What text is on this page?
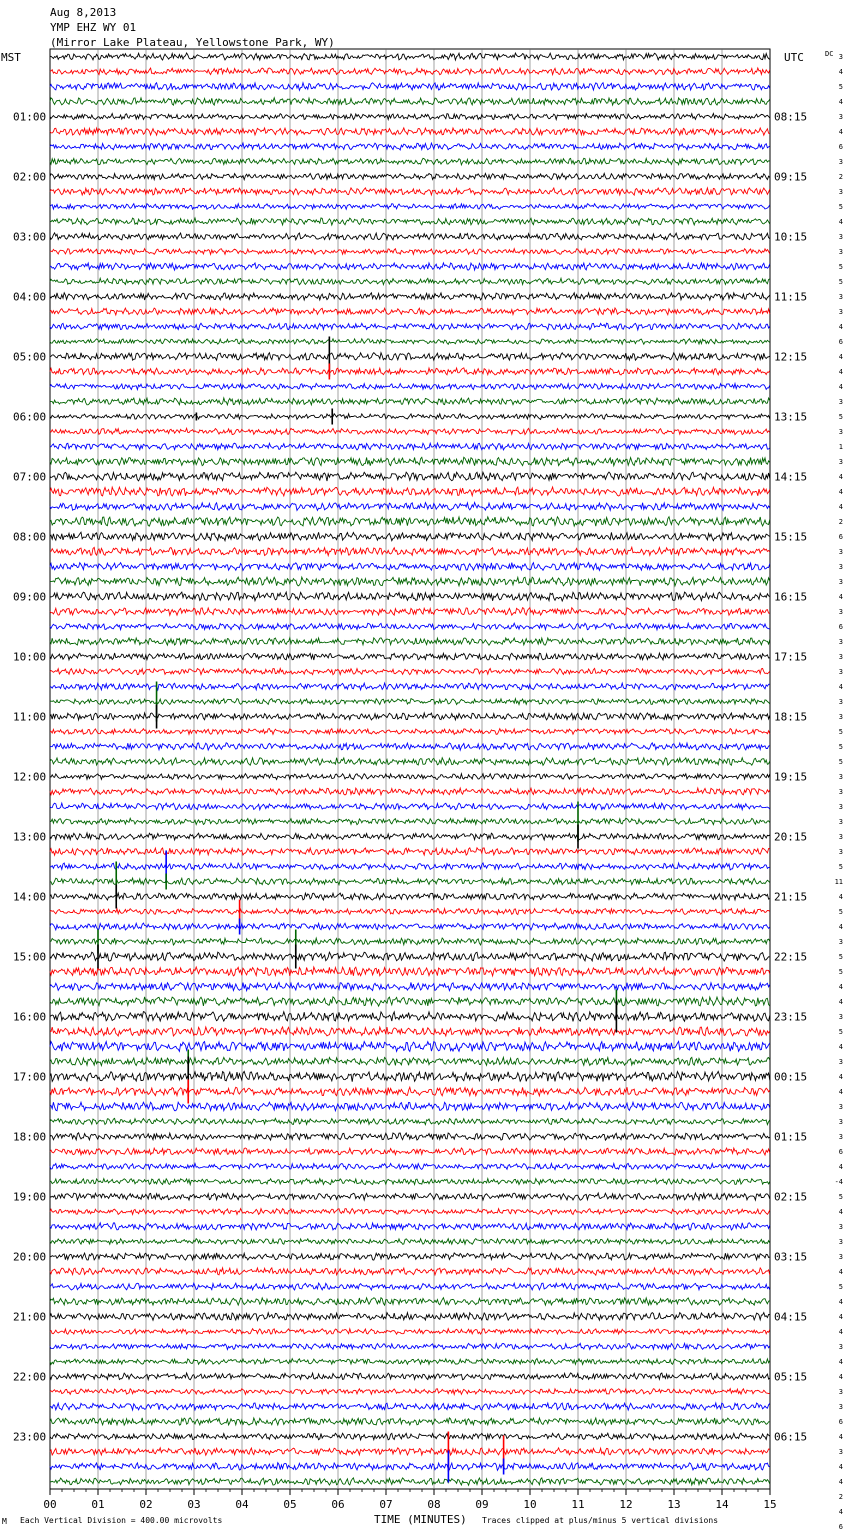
Aug 8,2013
YMP EHZ WY 01
(Mirror Lake Plateau, Yellowstone Park, WY)
MST	UTC	DC
01:00
02:00
03:00
04:00
05:00
06:00
07:00
08:00
09:00
10:00
11:00
12:00
13:00
14:00
15:00
16:00
17:00
18:00
19:00
20:00
21:00
22:00
23:00
08:15
09:15
10:15
11:15
12:15
13:15
14:15
15:15
16:15
17:15
18:15
19:15
20:15
21:15
22:15
23:15
00:15
01:15
02:15
03:15
04:15
05:15
06:15
3
4
5
4
3
4
6
3
2
3
5
4
3
3
5
5
3
3
4
6
4
4
4
3
5
3
1
3
4
4
4
2
6
3
3
3
4
3
6
3
3
3
4
3
3
5
5
5
3
3
3
3
3
3
5
11
4
5
4
3
5
5
4
4
3
5
4
3
4
4
3
3
3
6
4
-4
5
4
3
3
3
4
5
4
4
4
3
4
4
3
3
6
4
3
4
4
2
4
6
00	01	02	03	04	05	06	07	08	09	10	11	12	13	14	15
M Each Vertical Division = 400.00 microvolts	TIME (MINUTES) Traces clipped at plus/minus 5 vertical divisions
